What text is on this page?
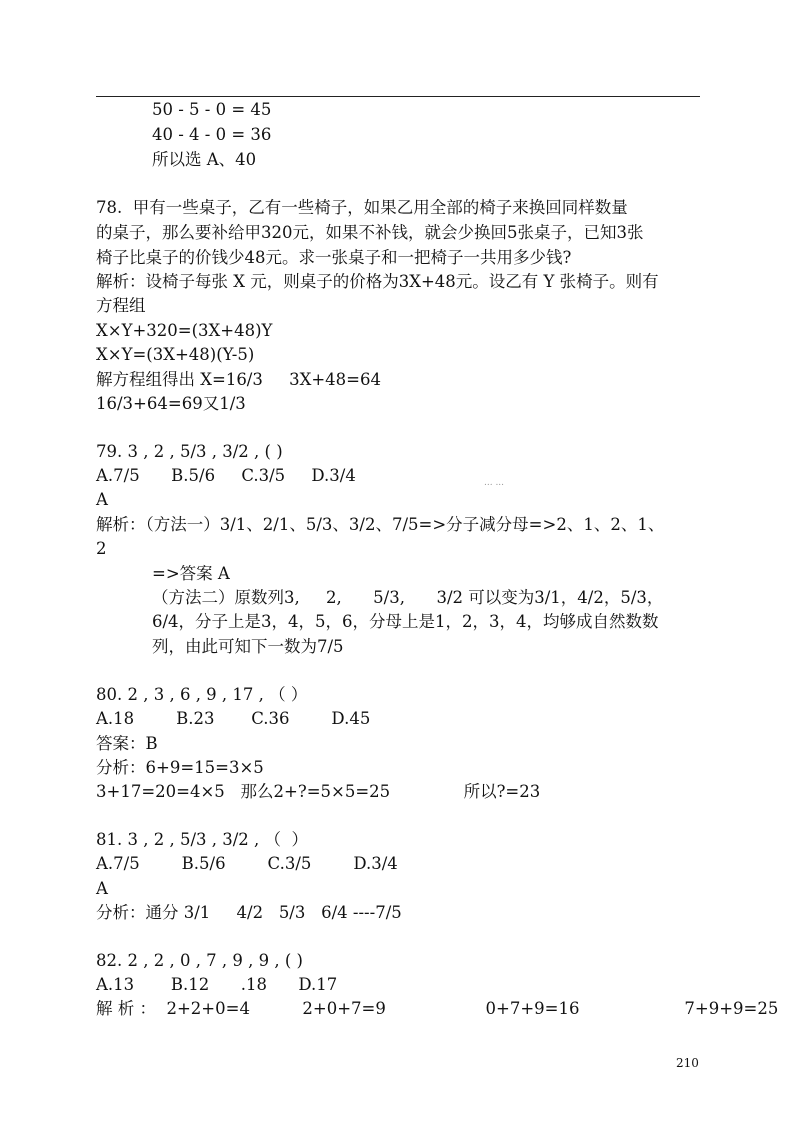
50 - 5 - 0 = 45
40 - 4 - 0 = 36
所以选 A、40
78.  甲有一些桌子，乙有一些椅子，如果乙用全部的椅子来换回同样数量
的桌子，那么要补给甲320元，如果不补钱，就会少换回5张桌子，已知3张
椅子比桌子的价钱少48元。求一张桌子和一把椅子一共用多少钱?
解析：设椅子每张 X 元，则桌子的价格为3X+48元。设乙有 Y 张椅子。则有
方程组
X×Y+320=(3X+48)Y
X×Y=(3X+48)(Y-5)
解方程组得出 X=16/3     3X+48=64
16/3+64=69又1/3
79. 3 , 2 , 5/3 , 3/2 , ( )
A.7/5      B.5/6     C.3/5     D.3/4	... ...
A
解析：（方法一）3/1、2/1、5/3、3/2、7/5=>分子减分母=>2、1、2、1、
2
=>答案 A
（方法二）原数列3,     2,      5/3,      3/2 可以变为3/1，4/2，5/3，
6/4，分子上是3，4，5，6，分母上是1，2，3，4，均够成自然数数
列，由此可知下一数为7/5
80. 2 , 3 , 6 , 9 , 17 , （ ）
A.18        B.23       C.36        D.45
答案：B
分析：6+9=15=3×5
3+17=20=4×5   那么2+?=5×5=25              所以?=23
81. 3 , 2 , 5/3 , 3/2 , （  ）
A.7/5        B.5/6        C.3/5        D.3/4
A
分析：通分 3/1     4/2   5/3   6/4 ----7/5
82. 2 , 2 , 0 , 7 , 9 , 9 , ( )
A.13       B.12      .18      D.17
解 析 ：  2+2+0=4          2+0+7=9                   0+7+9=16                    7+9+9=25
210
